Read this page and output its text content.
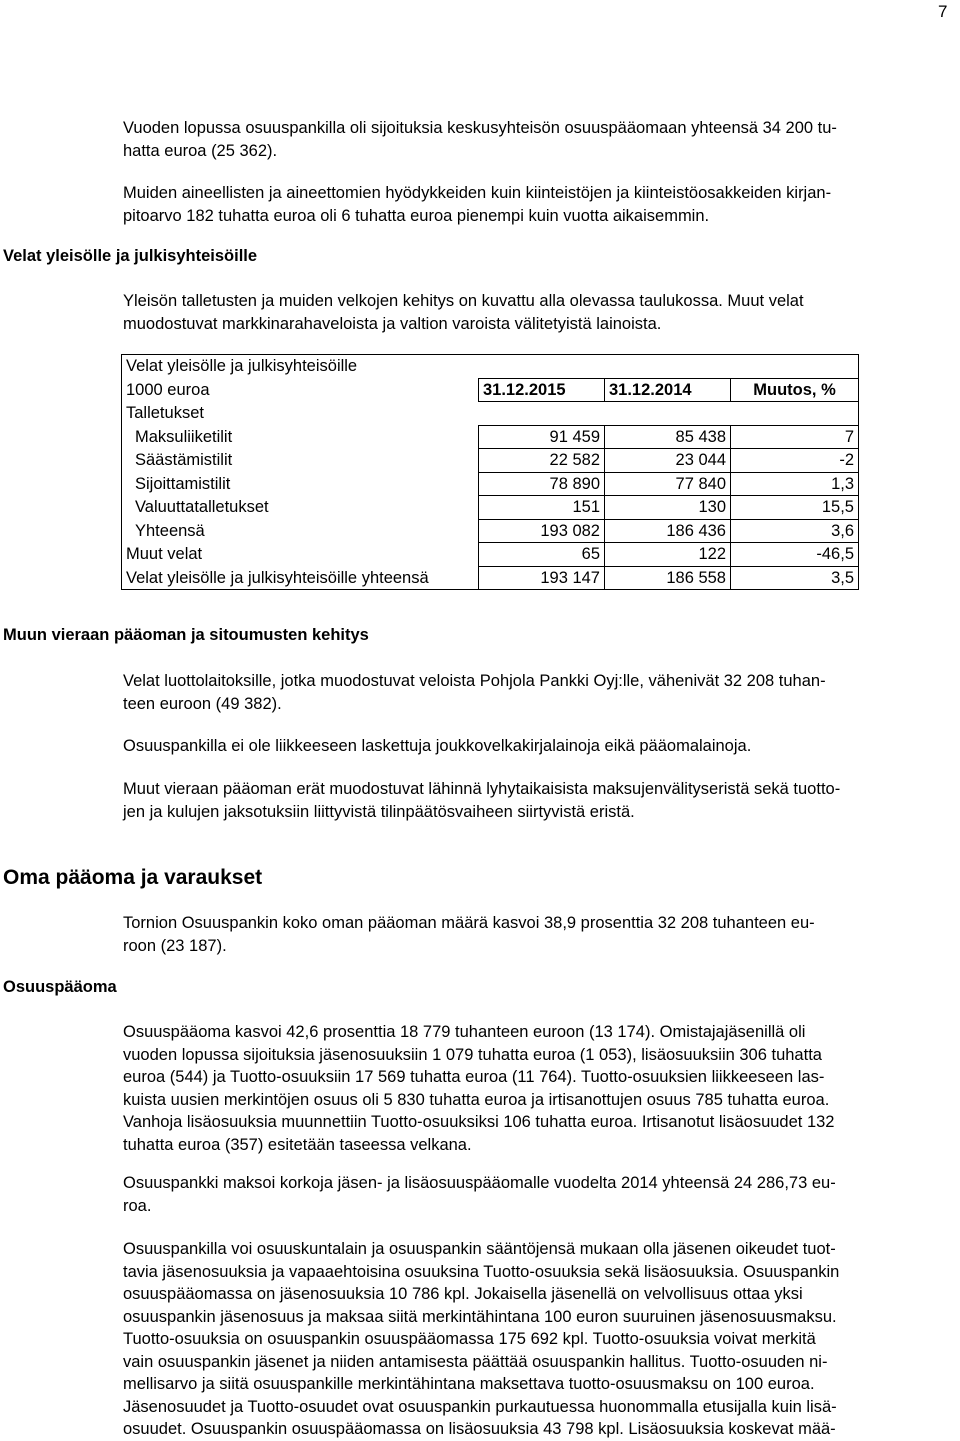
7

Vuoden lopussa osuuspankilla oli sijoituksia keskusyhteisön osuuspääomaan yhteensä 34 200 tu-
hatta euroa (25 362).

Muiden aineellisten ja aineettomien hyödykkeiden kuin kiinteistöjen ja kiinteistöosakkeiden kirjan-
pitoarvo 182 tuhatta euroa oli 6 tuhatta euroa pienempi kuin vuotta aikaisemmin.

Velat yleisölle ja julkisyhteisöille

Yleisön talletusten ja muiden velkojen kehitys on kuvattu alla olevassa taulukossa. Muut velat
muodostuvat markkinarahaveloista ja valtion varoista välitetyistä lainoista.

Velat yleisölle ja julkisyhteisöille			
1000 euroa	31.12.2015	31.12.2014	Muutos, %
Talletukset			
Maksuliiketilit	91 459	85 438	7
Säästämistilit	22 582	23 044	-2
Sijoittamistilit	78 890	77 840	1,3
Valuuttatalletukset	151	130	15,5
Yhteensä	193 082	186 436	3,6
Muut velat	65	122	-46,5
Velat yleisölle ja julkisyhteisöille yhteensä	193 147	186 558	3,5
Muun vieraan pääoman ja sitoumusten kehitys

Velat luottolaitoksille, jotka muodostuvat veloista Pohjola Pankki Oyj:lle, vähenivät 32 208 tuhan-
teen euroon (49 382).

Osuuspankilla ei ole liikkeeseen laskettuja joukkovelkakirjalainoja eikä pääomalainoja.

Muut vieraan pääoman erät muodostuvat lähinnä lyhytaikaisista maksujenvälityseristä sekä tuotto-
jen ja kulujen jaksotuksiin liittyvistä tilinpäätösvaiheen siirtyvistä eristä.

Oma pääoma ja varaukset

Tornion Osuuspankin koko oman pääoman määrä kasvoi 38,9 prosenttia 32 208 tuhanteen eu-
roon (23 187).

Osuuspääoma

Osuuspääoma kasvoi 42,6 prosenttia 18 779 tuhanteen euroon (13 174). Omistajajäsenillä oli
vuoden lopussa sijoituksia jäsenosuuksiin 1 079 tuhatta euroa (1 053), lisäosuuksiin 306 tuhatta
euroa (544) ja Tuotto-osuuksiin 17 569 tuhatta euroa (11 764). Tuotto-osuuksien liikkeeseen las-
kuista uusien merkintöjen osuus oli 5 830 tuhatta euroa ja irtisanottujen osuus 785 tuhatta euroa.
Vanhoja lisäosuuksia muunnettiin Tuotto-osuuksiksi 106 tuhatta euroa. Irtisanotut lisäosuudet 132
tuhatta euroa (357) esitetään taseessa velkana.

Osuuspankki maksoi korkoja jäsen- ja lisäosuuspääomalle vuodelta 2014 yhteensä 24 286,73 eu-
roa.

Osuuspankilla voi osuuskuntalain ja osuuspankin sääntöjensä mukaan olla jäsenen oikeudet tuot-
tavia jäsenosuuksia ja vapaaehtoisina osuuksina Tuotto-osuuksia sekä lisäosuuksia. Osuuspankin
osuuspääomassa on jäsenosuuksia 10 786 kpl. Jokaisella jäsenellä on velvollisuus ottaa yksi
osuuspankin jäsenosuus ja maksaa siitä merkintähintana 100 euron suuruinen jäsenosuusmaksu.
Tuotto-osuuksia on osuuspankin osuuspääomassa 175 692 kpl. Tuotto-osuuksia voivat merkitä
vain osuuspankin jäsenet ja niiden antamisesta päättää osuuspankin hallitus. Tuotto-osuuden ni-
mellisarvo ja siitä osuuspankille merkintähintana maksettava tuotto-osuusmaksu on 100 euroa.
Jäsenosuudet ja Tuotto-osuudet ovat osuuspankin purkautuessa huonommalla etusijalla kuin lisä-
osuudet. Osuuspankin osuuspääomassa on lisäosuuksia 43 798 kpl. Lisäosuuksia koskevat mää-
